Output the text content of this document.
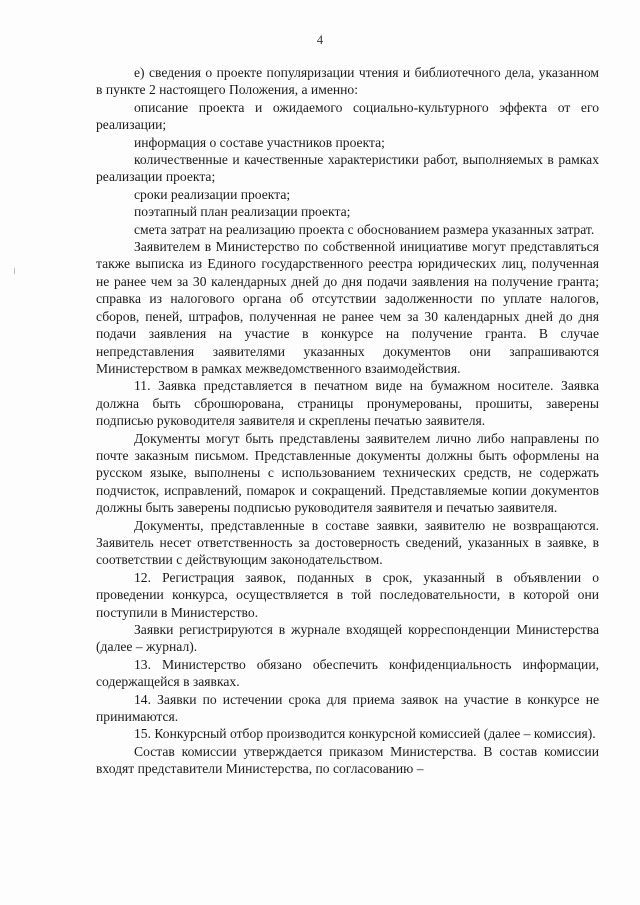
4

е) сведения о проекте популяризации чтения и библиотечного дела, указанном в пункте 2 настоящего Положения, а именно:

описание проекта и ожидаемого социально-культурного эффекта от его реализации;

информация о составе участников проекта;

количественные и качественные характеристики работ, выполняемых в рамках реализации проекта;

сроки реализации проекта;

поэтапный план реализации проекта;

смета затрат на реализацию проекта с обоснованием размера указанных затрат.

Заявителем в Министерство по собственной инициативе могут представляться также выписка из Единого государственного реестра юридических лиц, полученная не ранее чем за 30 календарных дней до дня подачи заявления на получение гранта; справка из налогового органа об отсутствии задолженности по уплате налогов, сборов, пеней, штрафов, полученная не ранее чем за 30 календарных дней до дня подачи заявления на участие в конкурсе на получение гранта. В случае непредставления заявителями указанных документов они запрашиваются Министерством в рамках межведомственного взаимодействия.

11. Заявка представляется в печатном виде на бумажном носителе. Заявка должна быть сброшюрована, страницы пронумерованы, прошиты, заверены подписью руководителя заявителя и скреплены печатью заявителя.

Документы могут быть представлены заявителем лично либо направлены по почте заказным письмом. Представленные документы должны быть оформлены на русском языке, выполнены с использованием технических средств, не содержать подчисток, исправлений, помарок и сокращений. Представляемые копии документов должны быть заверены подписью руководителя заявителя и печатью заявителя.

Документы, представленные в составе заявки, заявителю не возвращаются. Заявитель несет ответственность за достоверность сведений, указанных в заявке, в соответствии с действующим законодательством.

12. Регистрация заявок, поданных в срок, указанный в объявлении о проведении конкурса, осуществляется в той последовательности, в которой они поступили в Министерство.

Заявки регистрируются в журнале входящей корреспонденции Министерства (далее – журнал).

13. Министерство обязано обеспечить конфиденциальность информации, содержащейся в заявках.

14. Заявки по истечении срока для приема заявок на участие в конкурсе не принимаются.

15. Конкурсный отбор производится конкурсной комиссией (далее – комиссия).

Состав комиссии утверждается приказом Министерства. В состав комиссии входят представители Министерства, по согласованию –
